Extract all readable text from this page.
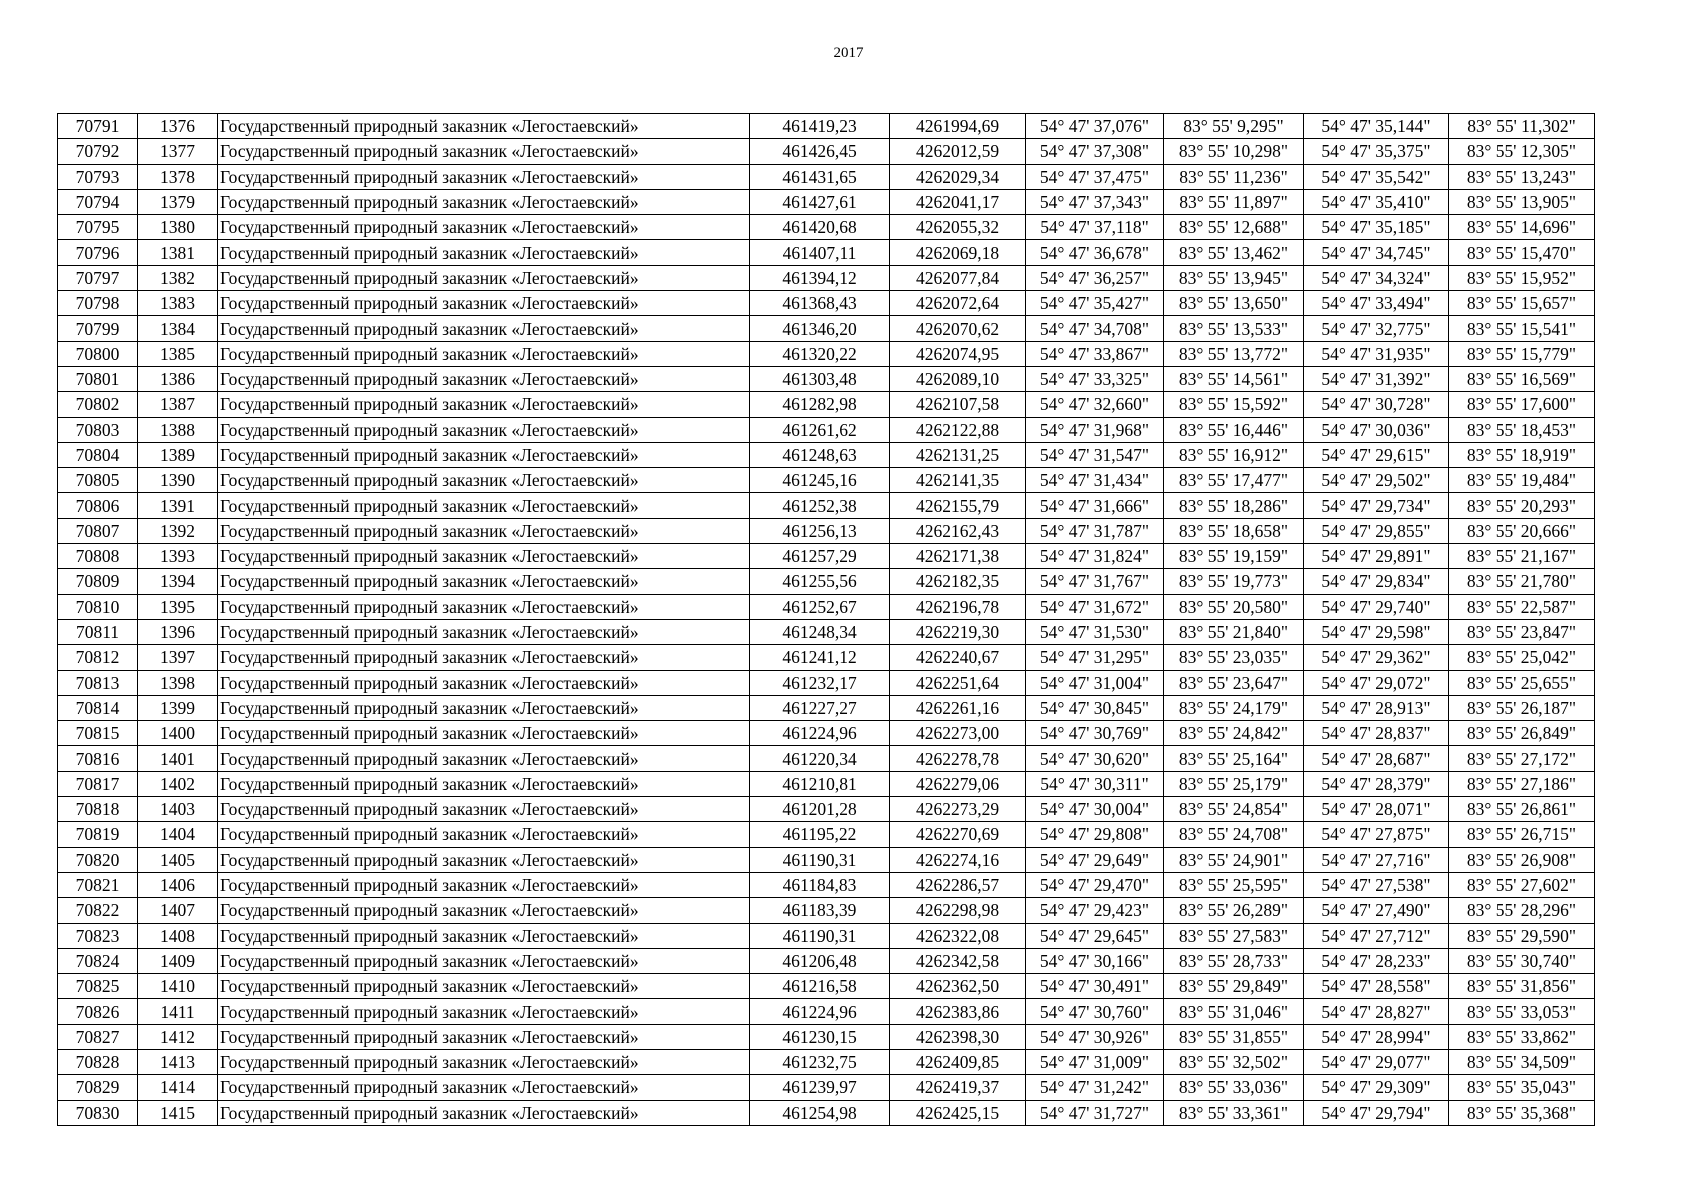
2017
70791	1376	Государственный природный заказник «Легостаевский»	461419,23	4261994,69	54° 47' 37,076"	83° 55' 9,295"	54° 47' 35,144"	83° 55' 11,302"
70792	1377	Государственный природный заказник «Легостаевский»	461426,45	4262012,59	54° 47' 37,308"	83° 55' 10,298"	54° 47' 35,375"	83° 55' 12,305"
70793	1378	Государственный природный заказник «Легостаевский»	461431,65	4262029,34	54° 47' 37,475"	83° 55' 11,236"	54° 47' 35,542"	83° 55' 13,243"
70794	1379	Государственный природный заказник «Легостаевский»	461427,61	4262041,17	54° 47' 37,343"	83° 55' 11,897"	54° 47' 35,410"	83° 55' 13,905"
70795	1380	Государственный природный заказник «Легостаевский»	461420,68	4262055,32	54° 47' 37,118"	83° 55' 12,688"	54° 47' 35,185"	83° 55' 14,696"
70796	1381	Государственный природный заказник «Легостаевский»	461407,11	4262069,18	54° 47' 36,678"	83° 55' 13,462"	54° 47' 34,745"	83° 55' 15,470"
70797	1382	Государственный природный заказник «Легостаевский»	461394,12	4262077,84	54° 47' 36,257"	83° 55' 13,945"	54° 47' 34,324"	83° 55' 15,952"
70798	1383	Государственный природный заказник «Легостаевский»	461368,43	4262072,64	54° 47' 35,427"	83° 55' 13,650"	54° 47' 33,494"	83° 55' 15,657"
70799	1384	Государственный природный заказник «Легостаевский»	461346,20	4262070,62	54° 47' 34,708"	83° 55' 13,533"	54° 47' 32,775"	83° 55' 15,541"
70800	1385	Государственный природный заказник «Легостаевский»	461320,22	4262074,95	54° 47' 33,867"	83° 55' 13,772"	54° 47' 31,935"	83° 55' 15,779"
70801	1386	Государственный природный заказник «Легостаевский»	461303,48	4262089,10	54° 47' 33,325"	83° 55' 14,561"	54° 47' 31,392"	83° 55' 16,569"
70802	1387	Государственный природный заказник «Легостаевский»	461282,98	4262107,58	54° 47' 32,660"	83° 55' 15,592"	54° 47' 30,728"	83° 55' 17,600"
70803	1388	Государственный природный заказник «Легостаевский»	461261,62	4262122,88	54° 47' 31,968"	83° 55' 16,446"	54° 47' 30,036"	83° 55' 18,453"
70804	1389	Государственный природный заказник «Легостаевский»	461248,63	4262131,25	54° 47' 31,547"	83° 55' 16,912"	54° 47' 29,615"	83° 55' 18,919"
70805	1390	Государственный природный заказник «Легостаевский»	461245,16	4262141,35	54° 47' 31,434"	83° 55' 17,477"	54° 47' 29,502"	83° 55' 19,484"
70806	1391	Государственный природный заказник «Легостаевский»	461252,38	4262155,79	54° 47' 31,666"	83° 55' 18,286"	54° 47' 29,734"	83° 55' 20,293"
70807	1392	Государственный природный заказник «Легостаевский»	461256,13	4262162,43	54° 47' 31,787"	83° 55' 18,658"	54° 47' 29,855"	83° 55' 20,666"
70808	1393	Государственный природный заказник «Легостаевский»	461257,29	4262171,38	54° 47' 31,824"	83° 55' 19,159"	54° 47' 29,891"	83° 55' 21,167"
70809	1394	Государственный природный заказник «Легостаевский»	461255,56	4262182,35	54° 47' 31,767"	83° 55' 19,773"	54° 47' 29,834"	83° 55' 21,780"
70810	1395	Государственный природный заказник «Легостаевский»	461252,67	4262196,78	54° 47' 31,672"	83° 55' 20,580"	54° 47' 29,740"	83° 55' 22,587"
70811	1396	Государственный природный заказник «Легостаевский»	461248,34	4262219,30	54° 47' 31,530"	83° 55' 21,840"	54° 47' 29,598"	83° 55' 23,847"
70812	1397	Государственный природный заказник «Легостаевский»	461241,12	4262240,67	54° 47' 31,295"	83° 55' 23,035"	54° 47' 29,362"	83° 55' 25,042"
70813	1398	Государственный природный заказник «Легостаевский»	461232,17	4262251,64	54° 47' 31,004"	83° 55' 23,647"	54° 47' 29,072"	83° 55' 25,655"
70814	1399	Государственный природный заказник «Легостаевский»	461227,27	4262261,16	54° 47' 30,845"	83° 55' 24,179"	54° 47' 28,913"	83° 55' 26,187"
70815	1400	Государственный природный заказник «Легостаевский»	461224,96	4262273,00	54° 47' 30,769"	83° 55' 24,842"	54° 47' 28,837"	83° 55' 26,849"
70816	1401	Государственный природный заказник «Легостаевский»	461220,34	4262278,78	54° 47' 30,620"	83° 55' 25,164"	54° 47' 28,687"	83° 55' 27,172"
70817	1402	Государственный природный заказник «Легостаевский»	461210,81	4262279,06	54° 47' 30,311"	83° 55' 25,179"	54° 47' 28,379"	83° 55' 27,186"
70818	1403	Государственный природный заказник «Легостаевский»	461201,28	4262273,29	54° 47' 30,004"	83° 55' 24,854"	54° 47' 28,071"	83° 55' 26,861"
70819	1404	Государственный природный заказник «Легостаевский»	461195,22	4262270,69	54° 47' 29,808"	83° 55' 24,708"	54° 47' 27,875"	83° 55' 26,715"
70820	1405	Государственный природный заказник «Легостаевский»	461190,31	4262274,16	54° 47' 29,649"	83° 55' 24,901"	54° 47' 27,716"	83° 55' 26,908"
70821	1406	Государственный природный заказник «Легостаевский»	461184,83	4262286,57	54° 47' 29,470"	83° 55' 25,595"	54° 47' 27,538"	83° 55' 27,602"
70822	1407	Государственный природный заказник «Легостаевский»	461183,39	4262298,98	54° 47' 29,423"	83° 55' 26,289"	54° 47' 27,490"	83° 55' 28,296"
70823	1408	Государственный природный заказник «Легостаевский»	461190,31	4262322,08	54° 47' 29,645"	83° 55' 27,583"	54° 47' 27,712"	83° 55' 29,590"
70824	1409	Государственный природный заказник «Легостаевский»	461206,48	4262342,58	54° 47' 30,166"	83° 55' 28,733"	54° 47' 28,233"	83° 55' 30,740"
70825	1410	Государственный природный заказник «Легостаевский»	461216,58	4262362,50	54° 47' 30,491"	83° 55' 29,849"	54° 47' 28,558"	83° 55' 31,856"
70826	1411	Государственный природный заказник «Легостаевский»	461224,96	4262383,86	54° 47' 30,760"	83° 55' 31,046"	54° 47' 28,827"	83° 55' 33,053"
70827	1412	Государственный природный заказник «Легостаевский»	461230,15	4262398,30	54° 47' 30,926"	83° 55' 31,855"	54° 47' 28,994"	83° 55' 33,862"
70828	1413	Государственный природный заказник «Легостаевский»	461232,75	4262409,85	54° 47' 31,009"	83° 55' 32,502"	54° 47' 29,077"	83° 55' 34,509"
70829	1414	Государственный природный заказник «Легостаевский»	461239,97	4262419,37	54° 47' 31,242"	83° 55' 33,036"	54° 47' 29,309"	83° 55' 35,043"
70830	1415	Государственный природный заказник «Легостаевский»	461254,98	4262425,15	54° 47' 31,727"	83° 55' 33,361"	54° 47' 29,794"	83° 55' 35,368"
